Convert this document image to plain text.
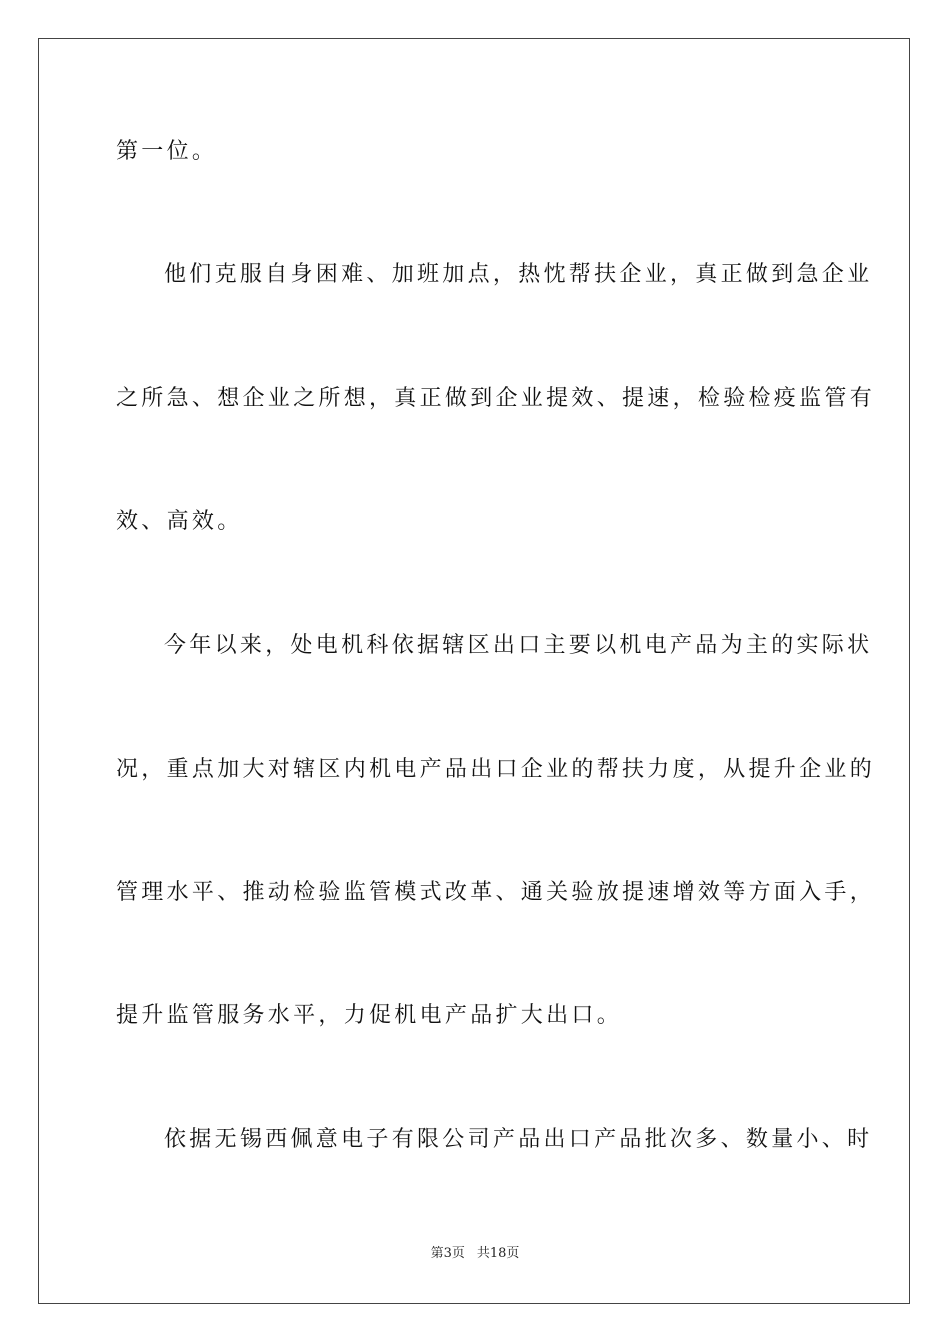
第一位。
他们克服自身困难、加班加点，热忱帮扶企业，真正做到急企业
之所急、想企业之所想，真正做到企业提效、提速，检验检疫监管有
效、高效。
今年以来，处电机科依据辖区出口主要以机电产品为主的实际状
况，重点加大对辖区内机电产品出口企业的帮扶力度，从提升企业的
管理水平、推动检验监管模式改革、通关验放提速增效等方面入手，
提升监管服务水平，力促机电产品扩大出口。
依据无锡西佩意电子有限公司产品出口产品批次多、数量小、时
第3页 共18页
